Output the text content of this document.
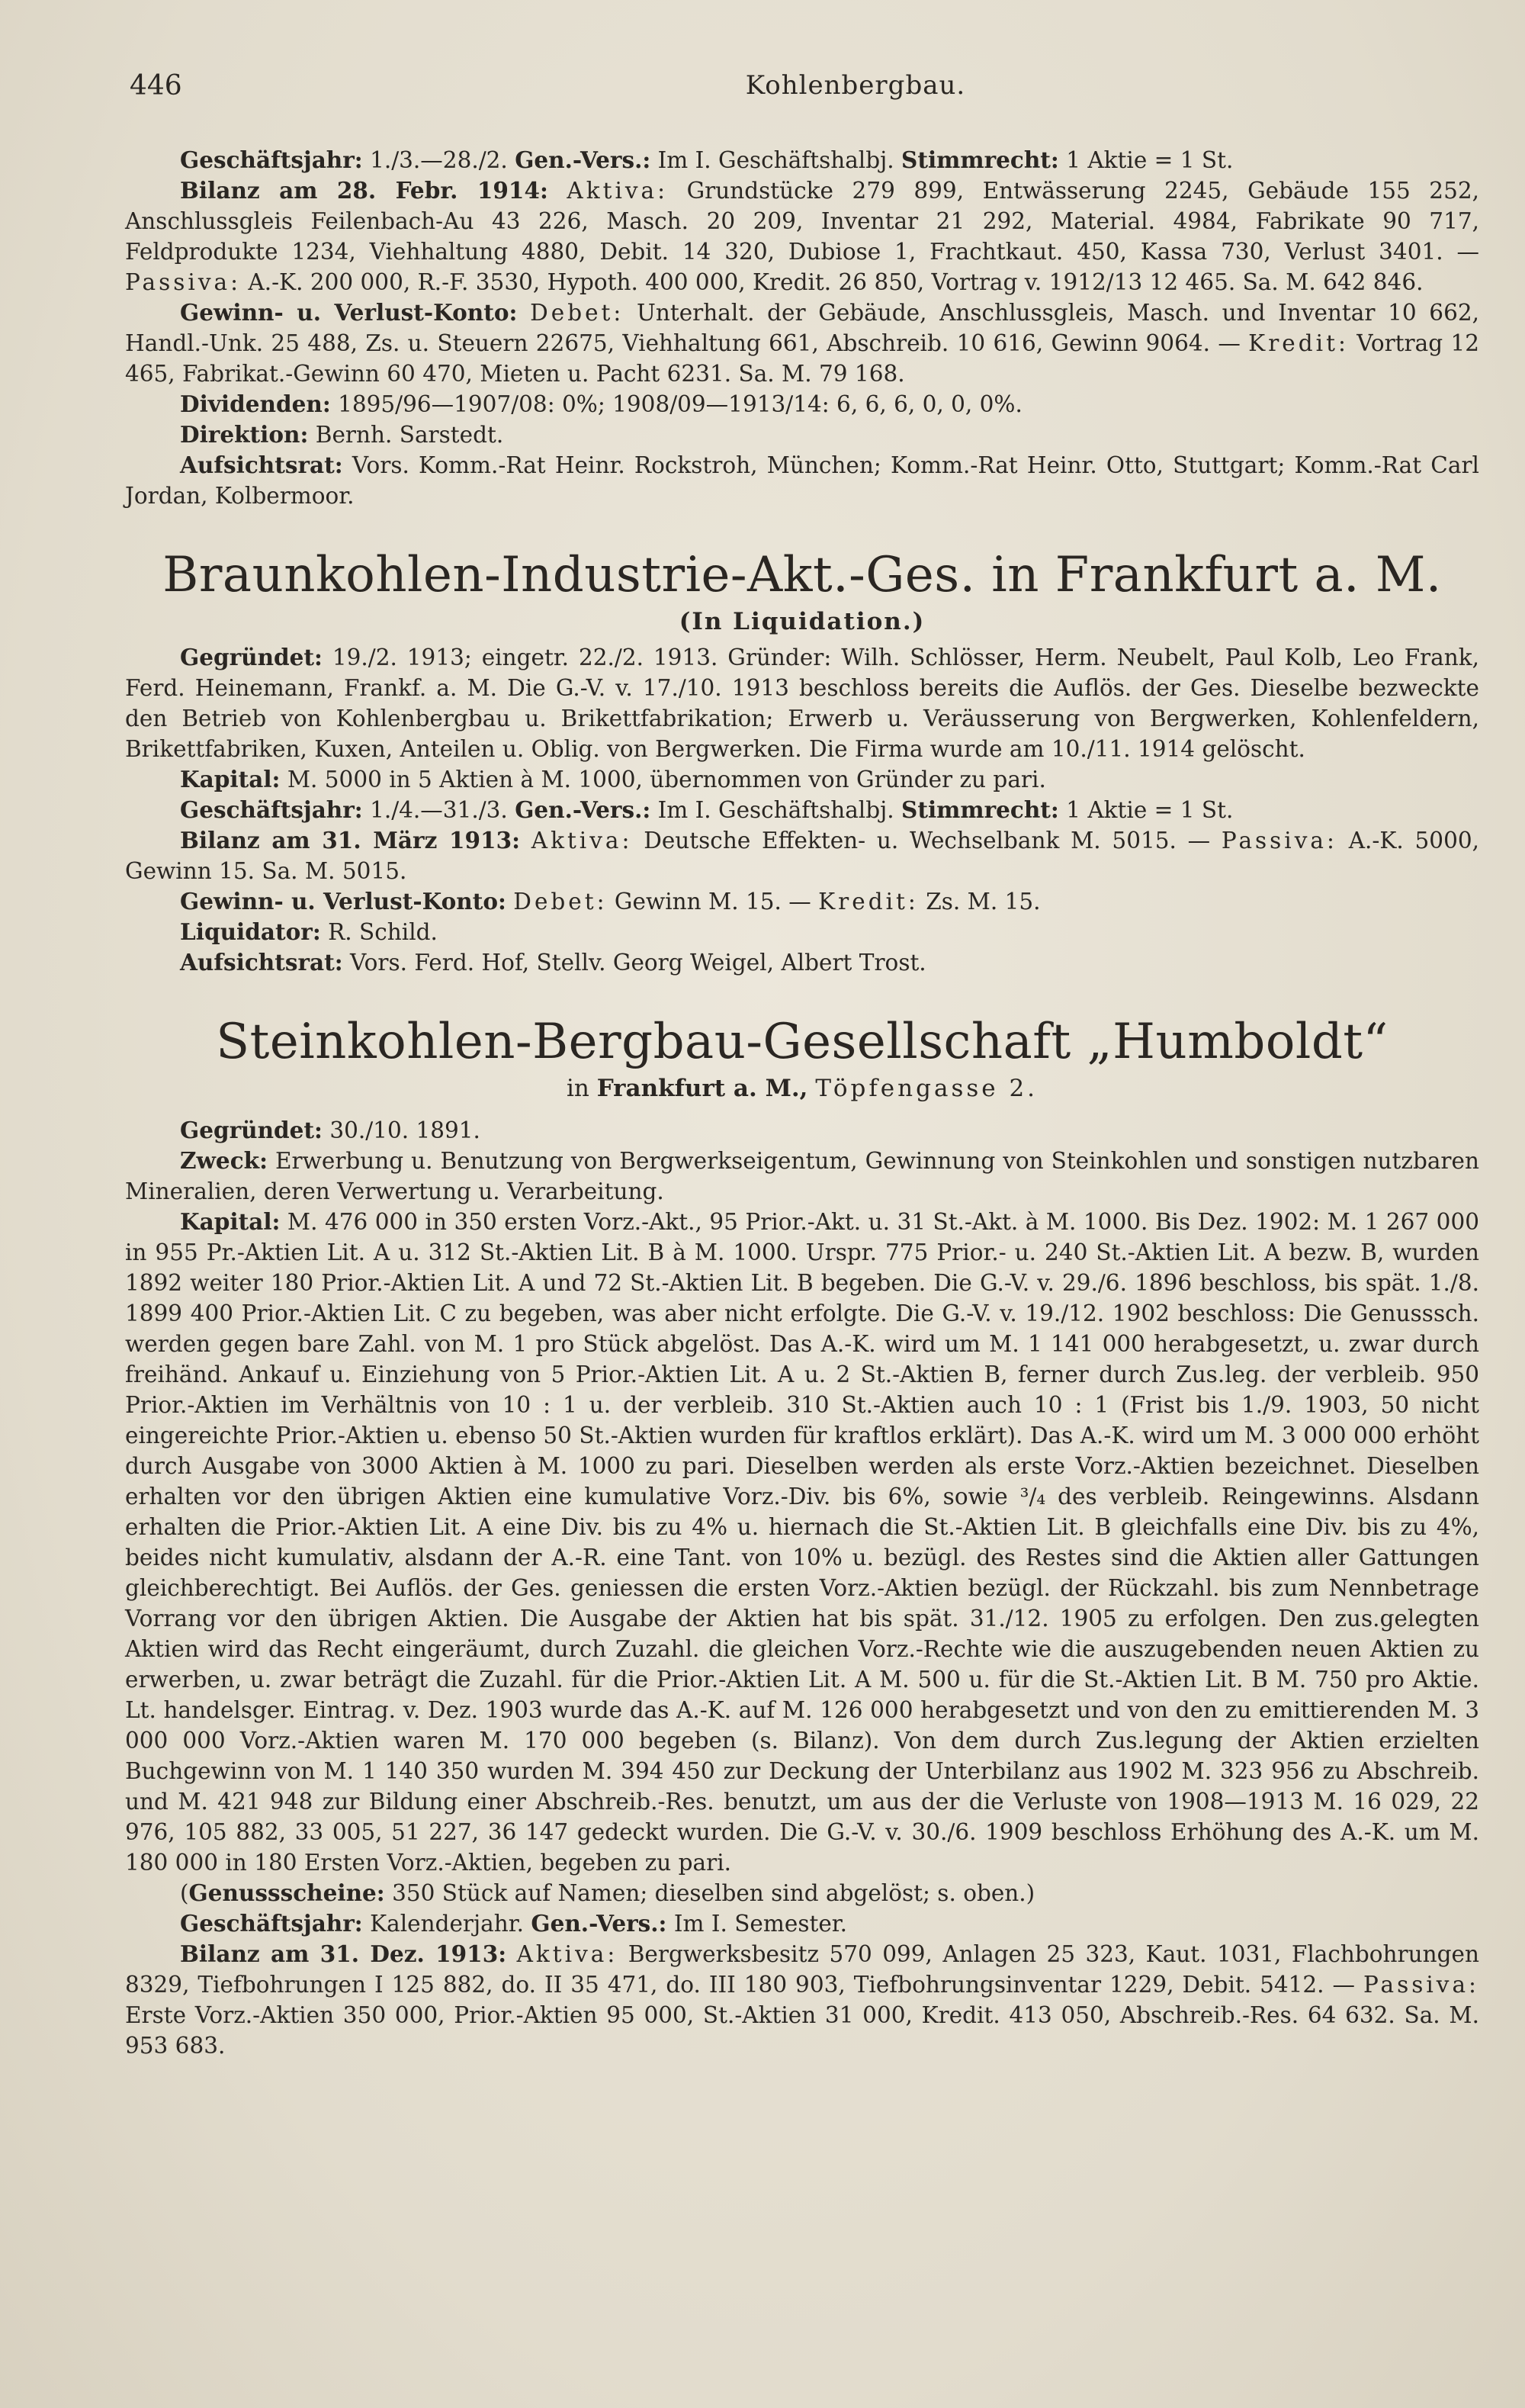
446	Kohlenbergbau.

Geschäftsjahr: 1./3.—28./2. Gen.-Vers.: Im I. Geschäftshalbj. Stimmrecht: 1 Aktie = 1 St.

Bilanz am 28. Febr. 1914: Aktiva: Grundstücke 279 899, Entwässerung 2245, Gebäude 155 252, Anschlussgleis Feilenbach-Au 43 226, Masch. 20 209, Inventar 21 292, Material. 4984, Fabrikate 90 717, Feldprodukte 1234, Viehhaltung 4880, Debit. 14 320, Dubiose 1, Frachtkaut. 450, Kassa 730, Verlust 3401. — Passiva: A.-K. 200 000, R.-F. 3530, Hypoth. 400 000, Kredit. 26 850, Vortrag v. 1912/13 12 465. Sa. M. 642 846.

Gewinn- u. Verlust-Konto: Debet: Unterhalt. der Gebäude, Anschlussgleis, Masch. und Inventar 10 662, Handl.-Unk. 25 488, Zs. u. Steuern 22675, Viehhaltung 661, Abschreib. 10 616, Gewinn 9064. — Kredit: Vortrag 12 465, Fabrikat.-Gewinn 60 470, Mieten u. Pacht 6231. Sa. M. 79 168.

Dividenden: 1895/96—1907/08: 0%; 1908/09—1913/14: 6, 6, 6, 0, 0, 0%.

Direktion: Bernh. Sarstedt.

Aufsichtsrat: Vors. Komm.-Rat Heinr. Rockstroh, München; Komm.-Rat Heinr. Otto, Stuttgart; Komm.-Rat Carl Jordan, Kolbermoor.

Braunkohlen-Industrie-Akt.-Ges. in Frankfurt a. M.

(In Liquidation.)

Gegründet: 19./2. 1913; eingetr. 22./2. 1913. Gründer: Wilh. Schlösser, Herm. Neubelt, Paul Kolb, Leo Frank, Ferd. Heinemann, Frankf. a. M. Die G.-V. v. 17./10. 1913 beschloss bereits die Auflös. der Ges. Dieselbe bezweckte den Betrieb von Kohlenbergbau u. Brikettfabrikation; Erwerb u. Veräusserung von Bergwerken, Kohlenfeldern, Brikettfabriken, Kuxen, Anteilen u. Oblig. von Bergwerken. Die Firma wurde am 10./11. 1914 gelöscht.

Kapital: M. 5000 in 5 Aktien à M. 1000, übernommen von Gründer zu pari.

Geschäftsjahr: 1./4.—31./3. Gen.-Vers.: Im I. Geschäftshalbj. Stimmrecht: 1 Aktie = 1 St.

Bilanz am 31. März 1913: Aktiva: Deutsche Effekten- u. Wechselbank M. 5015. — Passiva: A.-K. 5000, Gewinn 15. Sa. M. 5015.

Gewinn- u. Verlust-Konto: Debet: Gewinn M. 15. — Kredit: Zs. M. 15.

Liquidator: R. Schild.

Aufsichtsrat: Vors. Ferd. Hof, Stellv. Georg Weigel, Albert Trost.

Steinkohlen-Bergbau-Gesellschaft „Humboldt“

in Frankfurt a. M., Töpfengasse 2.

Gegründet: 30./10. 1891.

Zweck: Erwerbung u. Benutzung von Bergwerkseigentum, Gewinnung von Steinkohlen und sonstigen nutzbaren Mineralien, deren Verwertung u. Verarbeitung.

Kapital: M. 476 000 in 350 ersten Vorz.-Akt., 95 Prior.-Akt. u. 31 St.-Akt. à M. 1000. Bis Dez. 1902: M. 1 267 000 in 955 Pr.-Aktien Lit. A u. 312 St.-Aktien Lit. B à M. 1000. Urspr. 775 Prior.- u. 240 St.-Aktien Lit. A bezw. B, wurden 1892 weiter 180 Prior.-Aktien Lit. A und 72 St.-Aktien Lit. B begeben. Die G.-V. v. 29./6. 1896 beschloss, bis spät. 1./8. 1899 400 Prior.-Aktien Lit. C zu begeben, was aber nicht erfolgte. Die G.-V. v. 19./12. 1902 beschloss: Die Genusssch. werden gegen bare Zahl. von M. 1 pro Stück abgelöst. Das A.-K. wird um M. 1 141 000 herabgesetzt, u. zwar durch freihänd. Ankauf u. Einziehung von 5 Prior.-Aktien Lit. A u. 2 St.-Aktien B, ferner durch Zus.leg. der verbleib. 950 Prior.-Aktien im Verhältnis von 10 : 1 u. der verbleib. 310 St.-Aktien auch 10 : 1 (Frist bis 1./9. 1903, 50 nicht eingereichte Prior.-Aktien u. ebenso 50 St.-Aktien wurden für kraftlos erklärt). Das A.-K. wird um M. 3 000 000 erhöht durch Ausgabe von 3000 Aktien à M. 1000 zu pari. Dieselben werden als erste Vorz.-Aktien bezeichnet. Dieselben erhalten vor den übrigen Aktien eine kumulative Vorz.-Div. bis 6%, sowie ³/₄ des verbleib. Reingewinns. Alsdann erhalten die Prior.-Aktien Lit. A eine Div. bis zu 4% u. hiernach die St.-Aktien Lit. B gleichfalls eine Div. bis zu 4%, beides nicht kumulativ, alsdann der A.-R. eine Tant. von 10% u. bezügl. des Restes sind die Aktien aller Gattungen gleichberechtigt. Bei Auflös. der Ges. geniessen die ersten Vorz.-Aktien bezügl. der Rückzahl. bis zum Nennbetrage Vorrang vor den übrigen Aktien. Die Ausgabe der Aktien hat bis spät. 31./12. 1905 zu erfolgen. Den zus.gelegten Aktien wird das Recht eingeräumt, durch Zuzahl. die gleichen Vorz.-Rechte wie die auszugebenden neuen Aktien zu erwerben, u. zwar beträgt die Zuzahl. für die Prior.-Aktien Lit. A M. 500 u. für die St.-Aktien Lit. B M. 750 pro Aktie. Lt. handelsger. Eintrag. v. Dez. 1903 wurde das A.-K. auf M. 126 000 herabgesetzt und von den zu emittierenden M. 3 000 000 Vorz.-Aktien waren M. 170 000 begeben (s. Bilanz). Von dem durch Zus.legung der Aktien erzielten Buchgewinn von M. 1 140 350 wurden M. 394 450 zur Deckung der Unterbilanz aus 1902 M. 323 956 zu Abschreib. und M. 421 948 zur Bildung einer Abschreib.-Res. benutzt, um aus der die Verluste von 1908—1913 M. 16 029, 22 976, 105 882, 33 005, 51 227, 36 147 gedeckt wurden. Die G.-V. v. 30./6. 1909 beschloss Erhöhung des A.-K. um M. 180 000 in 180 Ersten Vorz.-Aktien, begeben zu pari.

(Genussscheine: 350 Stück auf Namen; dieselben sind abgelöst; s. oben.)

Geschäftsjahr: Kalenderjahr. Gen.-Vers.: Im I. Semester.

Bilanz am 31. Dez. 1913: Aktiva: Bergwerksbesitz 570 099, Anlagen 25 323, Kaut. 1031, Flachbohrungen 8329, Tiefbohrungen I 125 882, do. II 35 471, do. III 180 903, Tiefbohrungsinventar 1229, Debit. 5412. — Passiva: Erste Vorz.-Aktien 350 000, Prior.-Aktien 95 000, St.-Aktien 31 000, Kredit. 413 050, Abschreib.-Res. 64 632. Sa. M. 953 683.
